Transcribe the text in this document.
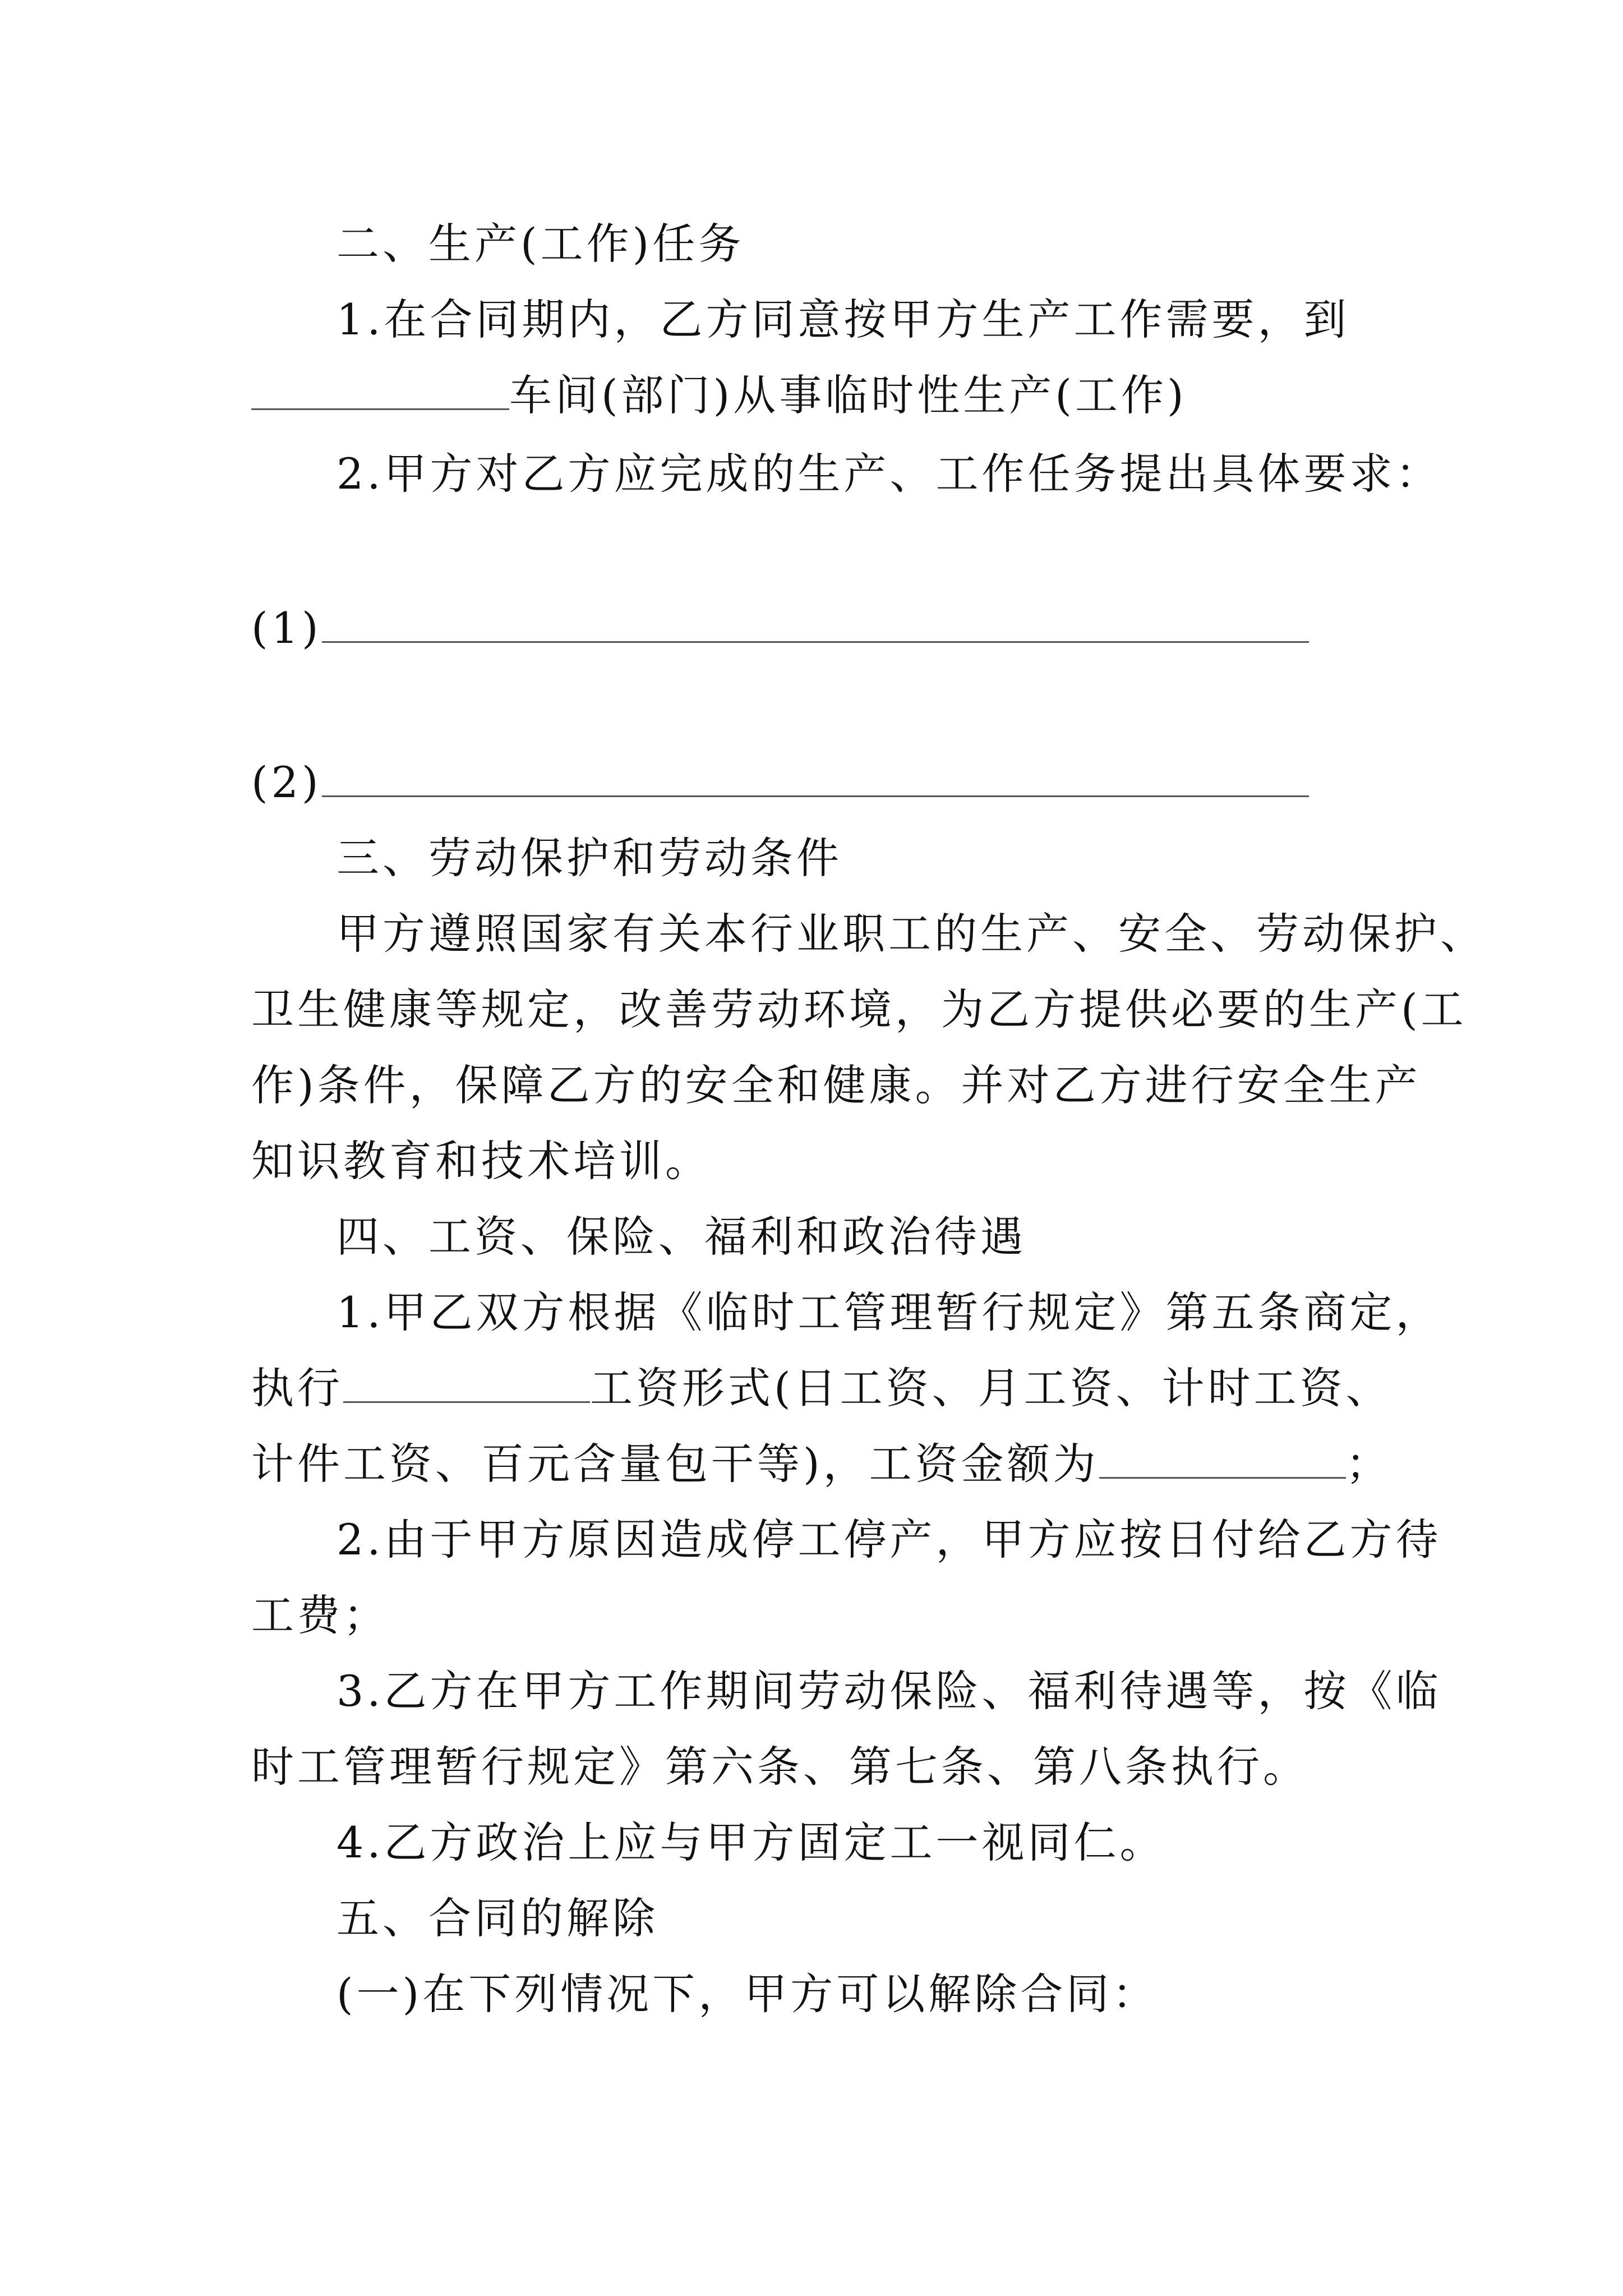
二、生产(工作)任务
1.在合同期内，乙方同意按甲方生产工作需要，到
车间(部门)从事临时性生产(工作)
2.甲方对乙方应完成的生产、工作任务提出具体要求：
(1)
(2)
三、劳动保护和劳动条件
甲方遵照国家有关本行业职工的生产、安全、劳动保护、
卫生健康等规定，改善劳动环境，为乙方提供必要的生产(工
作)条件，保障乙方的安全和健康。并对乙方进行安全生产
知识教育和技术培训。
四、工资、保险、福利和政治待遇
1.甲乙双方根据《临时工管理暂行规定》第五条商定，
执行	工资形式(日工资、月工资、计时工资、
计件工资、百元含量包干等)，工资金额为	；
2.由于甲方原因造成停工停产，甲方应按日付给乙方待
工费；
3.乙方在甲方工作期间劳动保险、福利待遇等，按《临
时工管理暂行规定》第六条、第七条、第八条执行。
4.乙方政治上应与甲方固定工一视同仁。
五、合同的解除
(一)在下列情况下，甲方可以解除合同：
